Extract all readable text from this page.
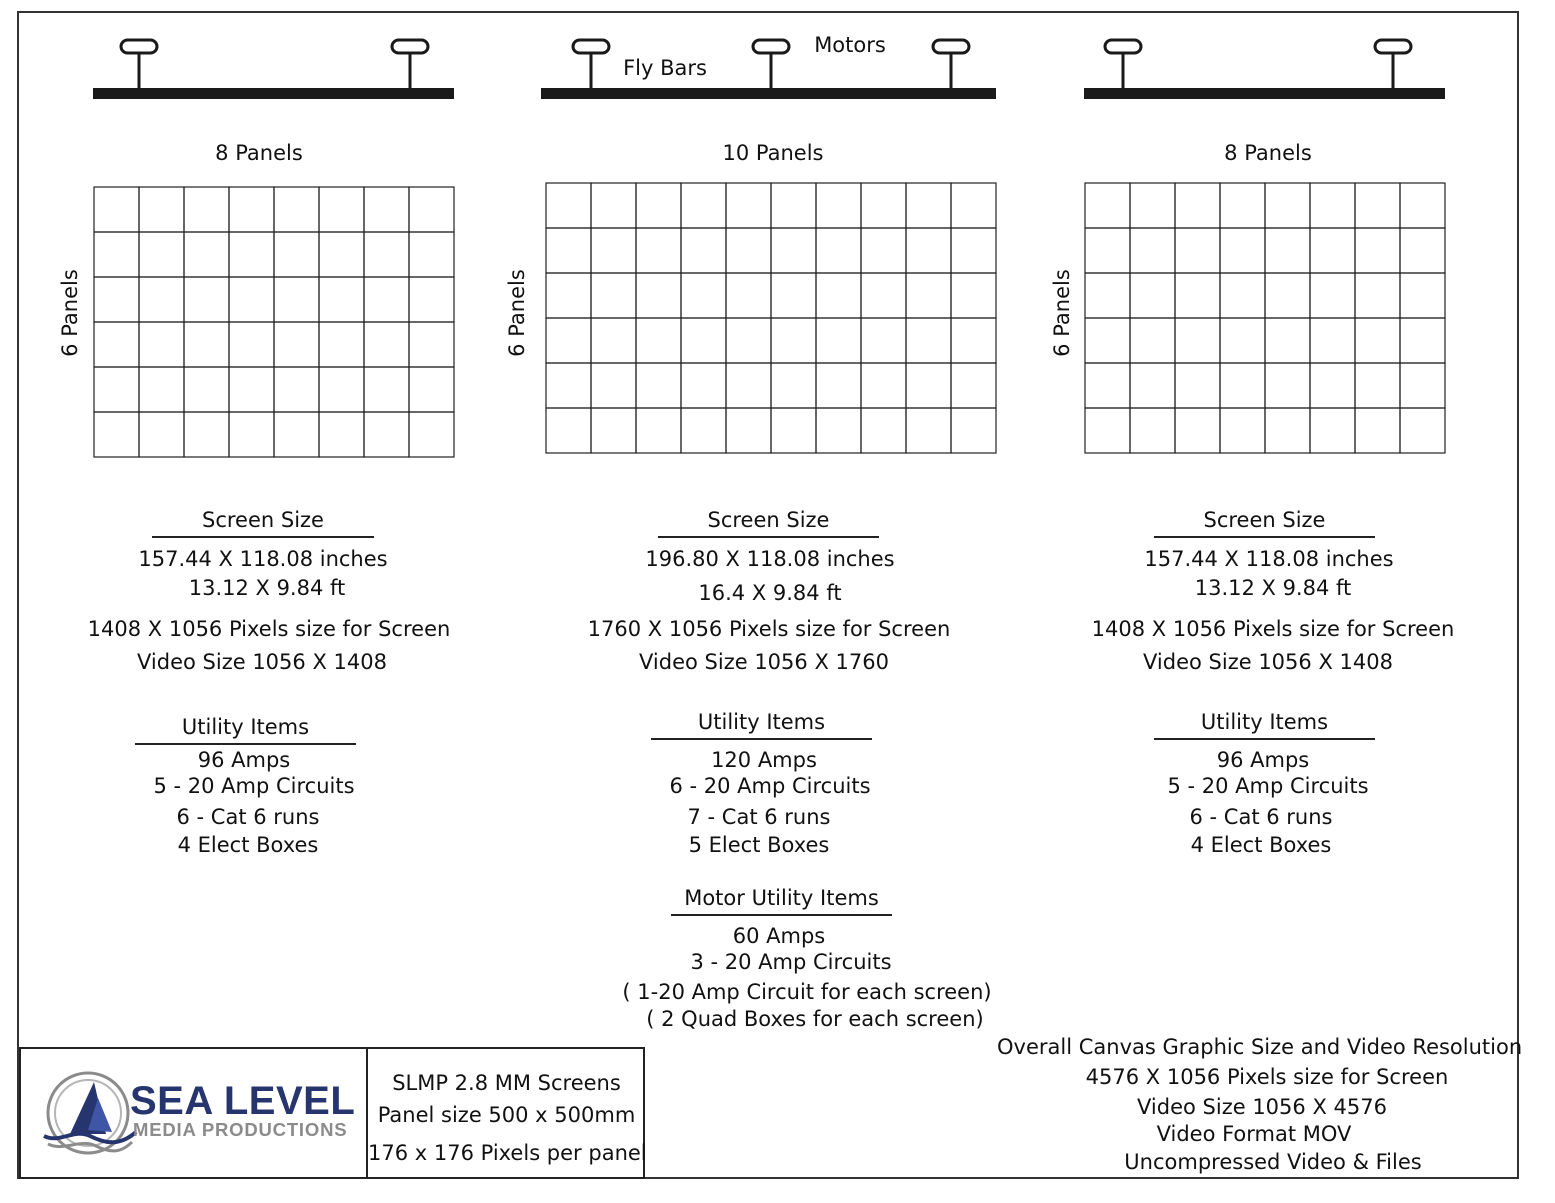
Motors
Fly Bars
8 Panels
6 Panels
Screen Size
157.44 X 118.08 inches
13.12 X 9.84 ft
1408 X 1056 Pixels size for Screen
Video Size 1056 X 1408
Utility Items
96 Amps
5 - 20 Amp Circuits
6 - Cat 6 runs
4 Elect Boxes
10 Panels
6 Panels
Screen Size
196.80 X 118.08 inches
16.4 X 9.84 ft
1760 X 1056 Pixels size for Screen
Video Size 1056 X 1760
Utility Items
120 Amps
6 - 20 Amp Circuits
7 - Cat 6 runs
5 Elect Boxes
8 Panels
6 Panels
Screen Size
157.44 X 118.08 inches
13.12 X 9.84 ft
1408 X 1056 Pixels size for Screen
Video Size 1056 X 1408
Utility Items
96 Amps
5 - 20 Amp Circuits
6 - Cat 6 runs
4 Elect Boxes
Motor Utility Items
60 Amps
3 - 20 Amp Circuits
( 1-20 Amp Circuit for each screen)
( 2 Quad Boxes for each screen)
Overall Canvas Graphic Size and Video Resolution
4576 X 1056 Pixels size for Screen
Video Size 1056 X 4576
Video Format MOV
Uncompressed Video & Files
SEA LEVEL
MEDIA PRODUCTIONS
SLMP 2.8 MM Screens
Panel size 500 x 500mm
176 x 176 Pixels per panel
